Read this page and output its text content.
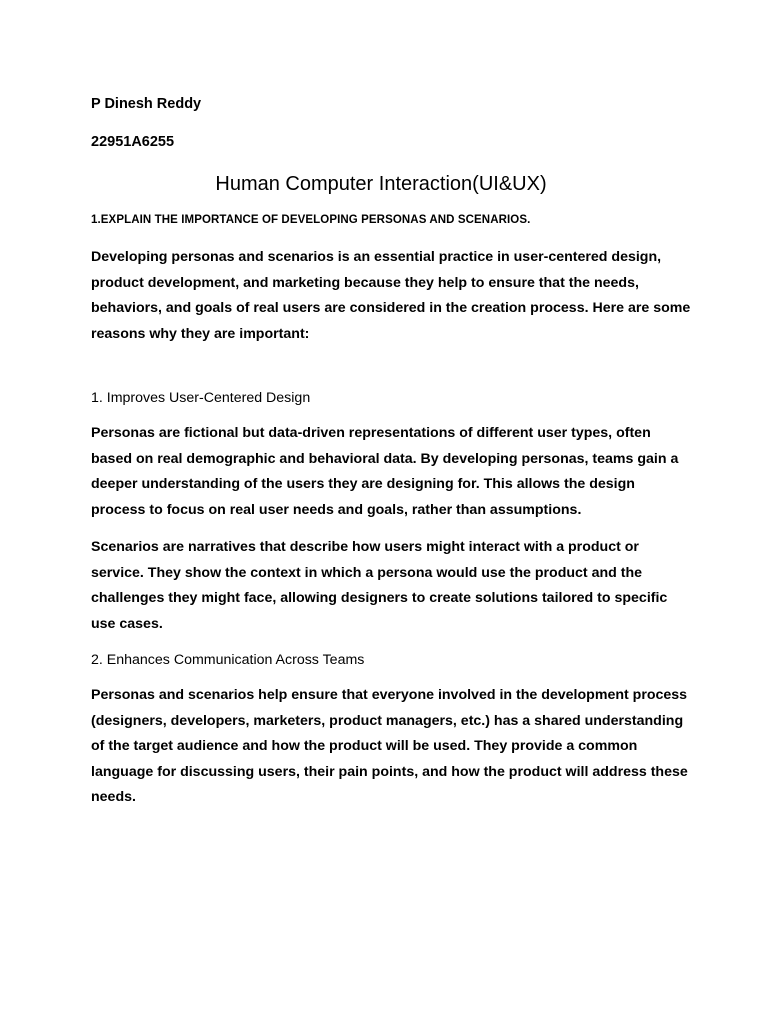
P Dinesh Reddy

22951A6255

Human Computer Interaction(UI&UX)

1.EXPLAIN THE IMPORTANCE OF DEVELOPING PERSONAS AND SCENARIOS.

Developing personas and scenarios is an essential practice in user-centered design, product development, and marketing because they help to ensure that the needs, behaviors, and goals of real users are considered in the creation process. Here are some reasons why they are important:

1. Improves User-Centered Design

Personas are fictional but data-driven representations of different user types, often based on real demographic and behavioral data. By developing personas, teams gain a deeper understanding of the users they are designing for. This allows the design process to focus on real user needs and goals, rather than assumptions.

Scenarios are narratives that describe how users might interact with a product or service. They show the context in which a persona would use the product and the challenges they might face, allowing designers to create solutions tailored to specific use cases.

2. Enhances Communication Across Teams

Personas and scenarios help ensure that everyone involved in the development process (designers, developers, marketers, product managers, etc.) has a shared understanding of the target audience and how the product will be used. They provide a common language for discussing users, their pain points, and how the product will address these needs.
